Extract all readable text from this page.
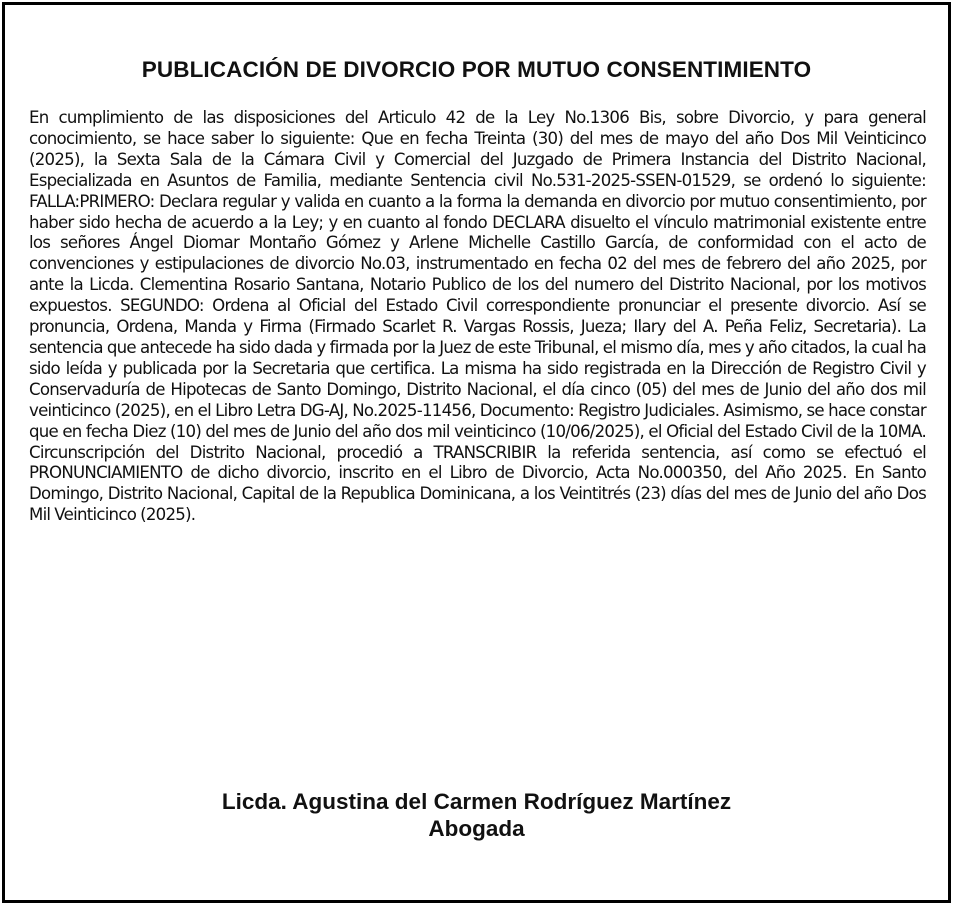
PUBLICACIÓN DE DIVORCIO POR MUTUO CONSENTIMIENTO

En cumplimiento de las disposiciones del Articulo 42 de la Ley No.1306 Bis, sobre Divorcio, y para general conocimiento, se hace saber lo siguiente: Que en fecha Treinta (30) del mes de mayo del año Dos Mil Veinticinco (2025), la Sexta Sala de la Cámara Civil y Comercial del Juzgado de Primera Instancia del Distrito Nacional, Especializada en Asuntos de Familia, mediante Sentencia civil No.531-2025-SSEN-01529, se ordenó lo siguiente: FALLA:PRIMERO: Declara regular y valida en cuanto a la forma la demanda en divorcio por mutuo consentimiento, por haber sido hecha de acuerdo a la Ley; y en cuanto al fondo DECLARA disuelto el vínculo matrimonial existente entre los señores Ángel Diomar Montaño Gómez y Arlene Michelle Castillo García, de conformidad con el acto de convenciones y estipulaciones de divorcio No.03, instrumentado en fecha 02 del mes de febrero del año 2025, por ante la Licda. Clementina Rosario Santana, Notario Publico de los del numero del Distrito Nacional, por los motivos expuestos. SEGUNDO: Ordena al Oficial del Estado Civil correspondiente pronunciar el presente divorcio. Así se pronuncia, Ordena, Manda y Firma (Firmado Scarlet R. Vargas Rossis, Jueza; Ilary del A. Peña Feliz, Secretaria). La sentencia que antecede ha sido dada y firmada por la Juez de este Tribunal, el mismo día, mes y año citados, la cual ha sido leída y publicada por la Secretaria que certifica. La misma ha sido registrada en la Dirección de Registro Civil y Conservaduría de Hipotecas de Santo Domingo, Distrito Nacional, el día cinco (05) del mes de Junio del año dos mil veinticinco (2025), en el Libro Letra DG-AJ, No.2025-11456, Documento: Registro Judiciales. Asimismo, se hace constar que en fecha Diez (10) del mes de Junio del año dos mil veinticinco (10/06/2025), el Oficial del Estado Civil de la 10MA. Circunscripción del Distrito Nacional, procedió a TRANSCRIBIR la referida sentencia, así como se efectuó el PRONUNCIAMIENTO de dicho divorcio, inscrito en el Libro de Divorcio, Acta No.000350, del Año 2025. En Santo Domingo, Distrito Nacional, Capital de la Republica Dominicana, a los Veintitrés (23) días del mes de Junio del año Dos Mil Veinticinco (2025).

Licda. Agustina del Carmen Rodríguez Martínez
Abogada
